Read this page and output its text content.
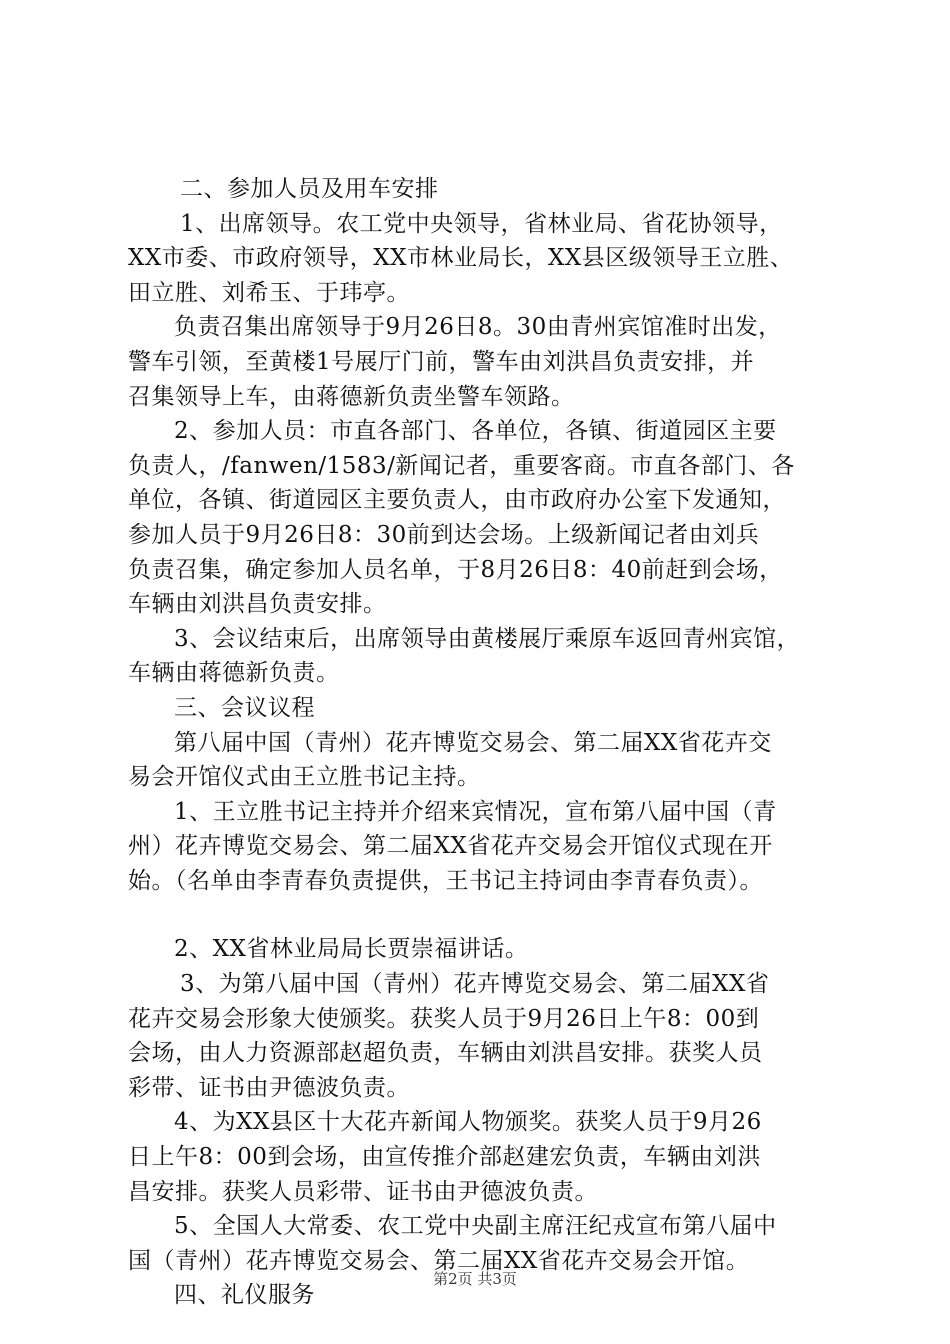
二、参加人员及用车安排
1、出席领导。农工党中央领导，省林业局、省花协领导，
XX市委、市政府领导，XX市林业局长，XX县区级领导王立胜、
田立胜、刘希玉、于玮亭。
负责召集出席领导于9月26日8。30由青州宾馆准时出发，
警车引领，至黄楼1号展厅门前，警车由刘洪昌负责安排，并
召集领导上车，由蒋德新负责坐警车领路。
2、参加人员：市直各部门、各单位，各镇、街道园区主要
负责人，/fanwen/1583/新闻记者，重要客商。市直各部门、各
单位，各镇、街道园区主要负责人，由市政府办公室下发通知，
参加人员于9月26日8：30前到达会场。上级新闻记者由刘兵
负责召集，确定参加人员名单，于8月26日8：40前赶到会场，
车辆由刘洪昌负责安排。
3、会议结束后，出席领导由黄楼展厅乘原车返回青州宾馆，
车辆由蒋德新负责。
三、会议议程
第八届中国（青州）花卉博览交易会、第二届XX省花卉交
易会开馆仪式由王立胜书记主持。
1、王立胜书记主持并介绍来宾情况，宣布第八届中国（青
州）花卉博览交易会、第二届XX省花卉交易会开馆仪式现在开
始。（名单由李青春负责提供，王书记主持词由李青春负责）。
2、XX省林业局局长贾崇福讲话。
3、为第八届中国（青州）花卉博览交易会、第二届XX省
花卉交易会形象大使颁奖。获奖人员于9月26日上午8：00到
会场，由人力资源部赵超负责，车辆由刘洪昌安排。获奖人员
彩带、证书由尹德波负责。
4、为XX县区十大花卉新闻人物颁奖。获奖人员于9月26
日上午8：00到会场，由宣传推介部赵建宏负责，车辆由刘洪
昌安排。获奖人员彩带、证书由尹德波负责。
5、全国人大常委、农工党中央副主席汪纪戎宣布第八届中
国（青州）花卉博览交易会、第二届XX省花卉交易会开馆。
四、礼仪服务
第2页 共3页
